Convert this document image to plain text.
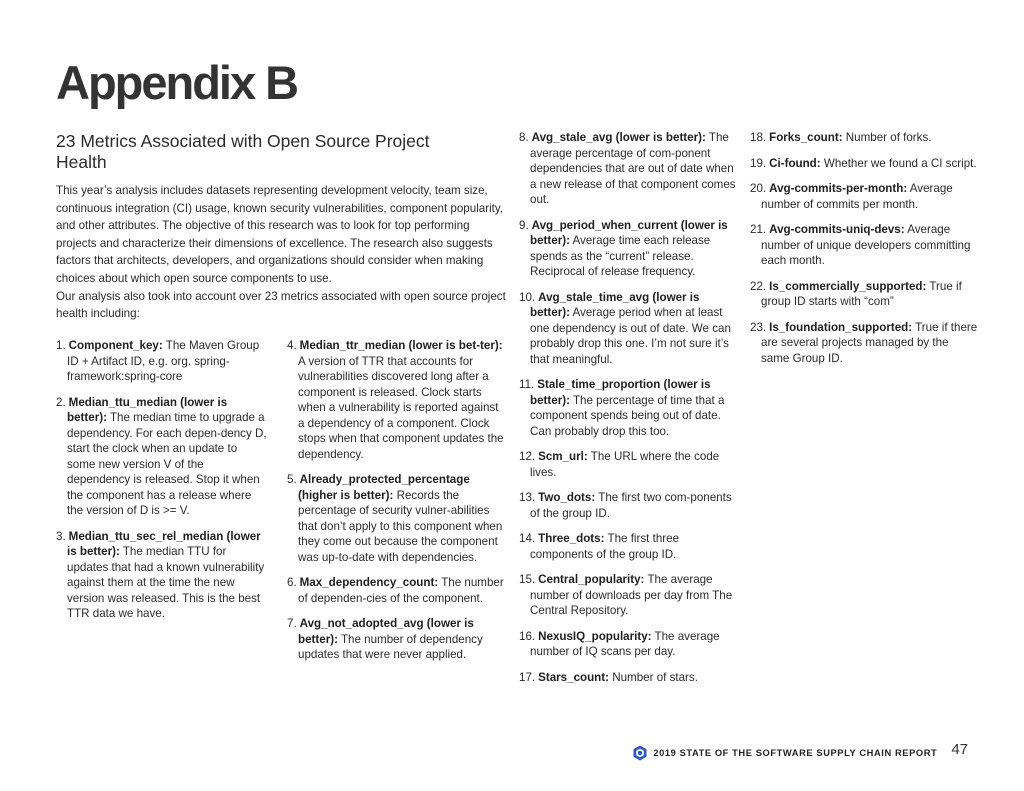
Appendix B
23 Metrics Associated with Open Source Project Health

This year’s analysis includes datasets representing development velocity, team size, continuous integration (CI) usage, known security vulnerabilities, component popularity, and other attributes. The objective of this research was to look for top performing projects and characterize their dimensions of excellence. The research also suggests factors that architects, developers, and organizations should consider when making choices about which open source components to use.

Our analysis also took into account over 23 metrics associated with open source project health including:

1. Component_key: The Maven Group ID + Artifact ID, e.g. org. spring-framework:spring-core
2. Median_ttu_median (lower is better): The median time to upgrade a dependency. For each depen-dency D, start the clock when an update to some new version V of the dependency is released. Stop it when the component has a release where the version of D is >= V.
3. Median_ttu_sec_rel_median (lower is better): The median TTU for updates that had a known vulnerability against them at the time the new version was released. This is the best TTR data we have.
4. Median_ttr_median (lower is bet-ter): A version of TTR that accounts for vulnerabilities discovered long after a component is released. Clock starts when a vulnerability is reported against a dependency of a component. Clock stops when that component updates the dependency.
5. Already_protected_percentage (higher is better): Records the percentage of security vulner-abilities that don’t apply to this component when they come out because the component was up-to-date with dependencies.
6. Max_dependency_count: The number of dependen-cies of the component.
7. Avg_not_adopted_avg (lower is better): The number of dependency updates that were never applied.
8. Avg_stale_avg (lower is better): The average percentage of com-ponent dependencies that are out of date when a new release of that component comes out.
9. Avg_period_when_current (lower is better): Average time each release spends as the “current” release. Reciprocal of release frequency.
10. Avg_stale_time_avg (lower is better): Average period when at least one dependency is out of date. We can probably drop this one. I’m not sure it’s that meaningful.
11. Stale_time_proportion (lower is better): The percentage of time that a component spends being out of date. Can probably drop this too.
12. Scm_url: The URL where the code lives.
13. Two_dots: The first two com-ponents of the group ID.
14. Three_dots: The first three components of the group ID.
15. Central_popularity: The average number of downloads per day from The Central Repository.
16. NexusIQ_popularity: The average number of IQ scans per day.
17. Stars_count: Number of stars.
18. Forks_count: Number of forks.
19. Ci-found: Whether we found a CI script.
20. Avg-commits-per-month: Average number of commits per month.
21. Avg-commits-uniq-devs: Average number of unique developers committing each month.
22. Is_commercially_supported: True if group ID starts with “com”
23. Is_foundation_supported: True if there are several projects managed by the same Group ID.
2019 STATE OF THE SOFTWARE SUPPLY CHAIN REPORT 47
